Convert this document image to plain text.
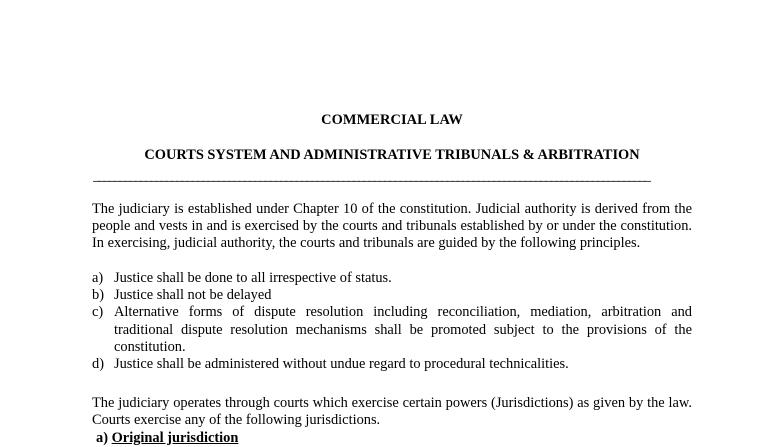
COMMERCIAL LAW
COURTS SYSTEM AND ADMINISTRATIVE TRIBUNALS & ARBITRATION
___________________________________________________________________________________________________________
The judiciary is established under Chapter 10 of the constitution. Judicial authority is derived from the people and vests in and is exercised by the courts and tribunals established by or under the constitution. In exercising, judicial authority, the courts and tribunals are guided by the following principles.
a) Justice shall be done to all irrespective of status.
b) Justice shall not be delayed
c) Alternative forms of dispute resolution including reconciliation, mediation, arbitration and traditional dispute resolution mechanisms shall be promoted subject to the provisions of the constitution.
d) Justice shall be administered without undue regard to procedural technicalities.
The judiciary operates through courts which exercise certain powers (Jurisdictions) as given by the law. Courts exercise any of the following jurisdictions.
a) Original jurisdiction
